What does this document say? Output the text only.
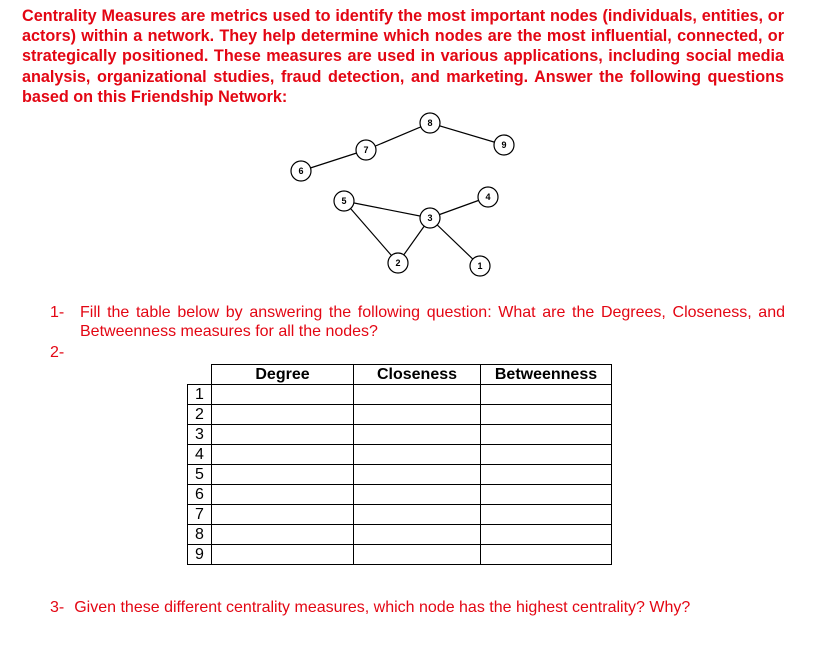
Centrality Measures are metrics used to identify the most important nodes (individuals, entities, or actors) within a network. They help determine which nodes are the most influential, connected, or strategically positioned. These measures are used in various applications, including social media analysis, organizational studies, fraud detection, and marketing. Answer the following questions based on this Friendship Network:

1
2
3
4
5
6
7
8
9
1- Fill the table below by answering the following question: What are the Degrees, Closeness, and Betweenness measures for all the nodes?
2-
	Degree	Closeness	Betweenness
1			
2			
3			
4			
5			
6			
7			
8			
9			
3- Given these different centrality measures, which node has the highest centrality? Why?
